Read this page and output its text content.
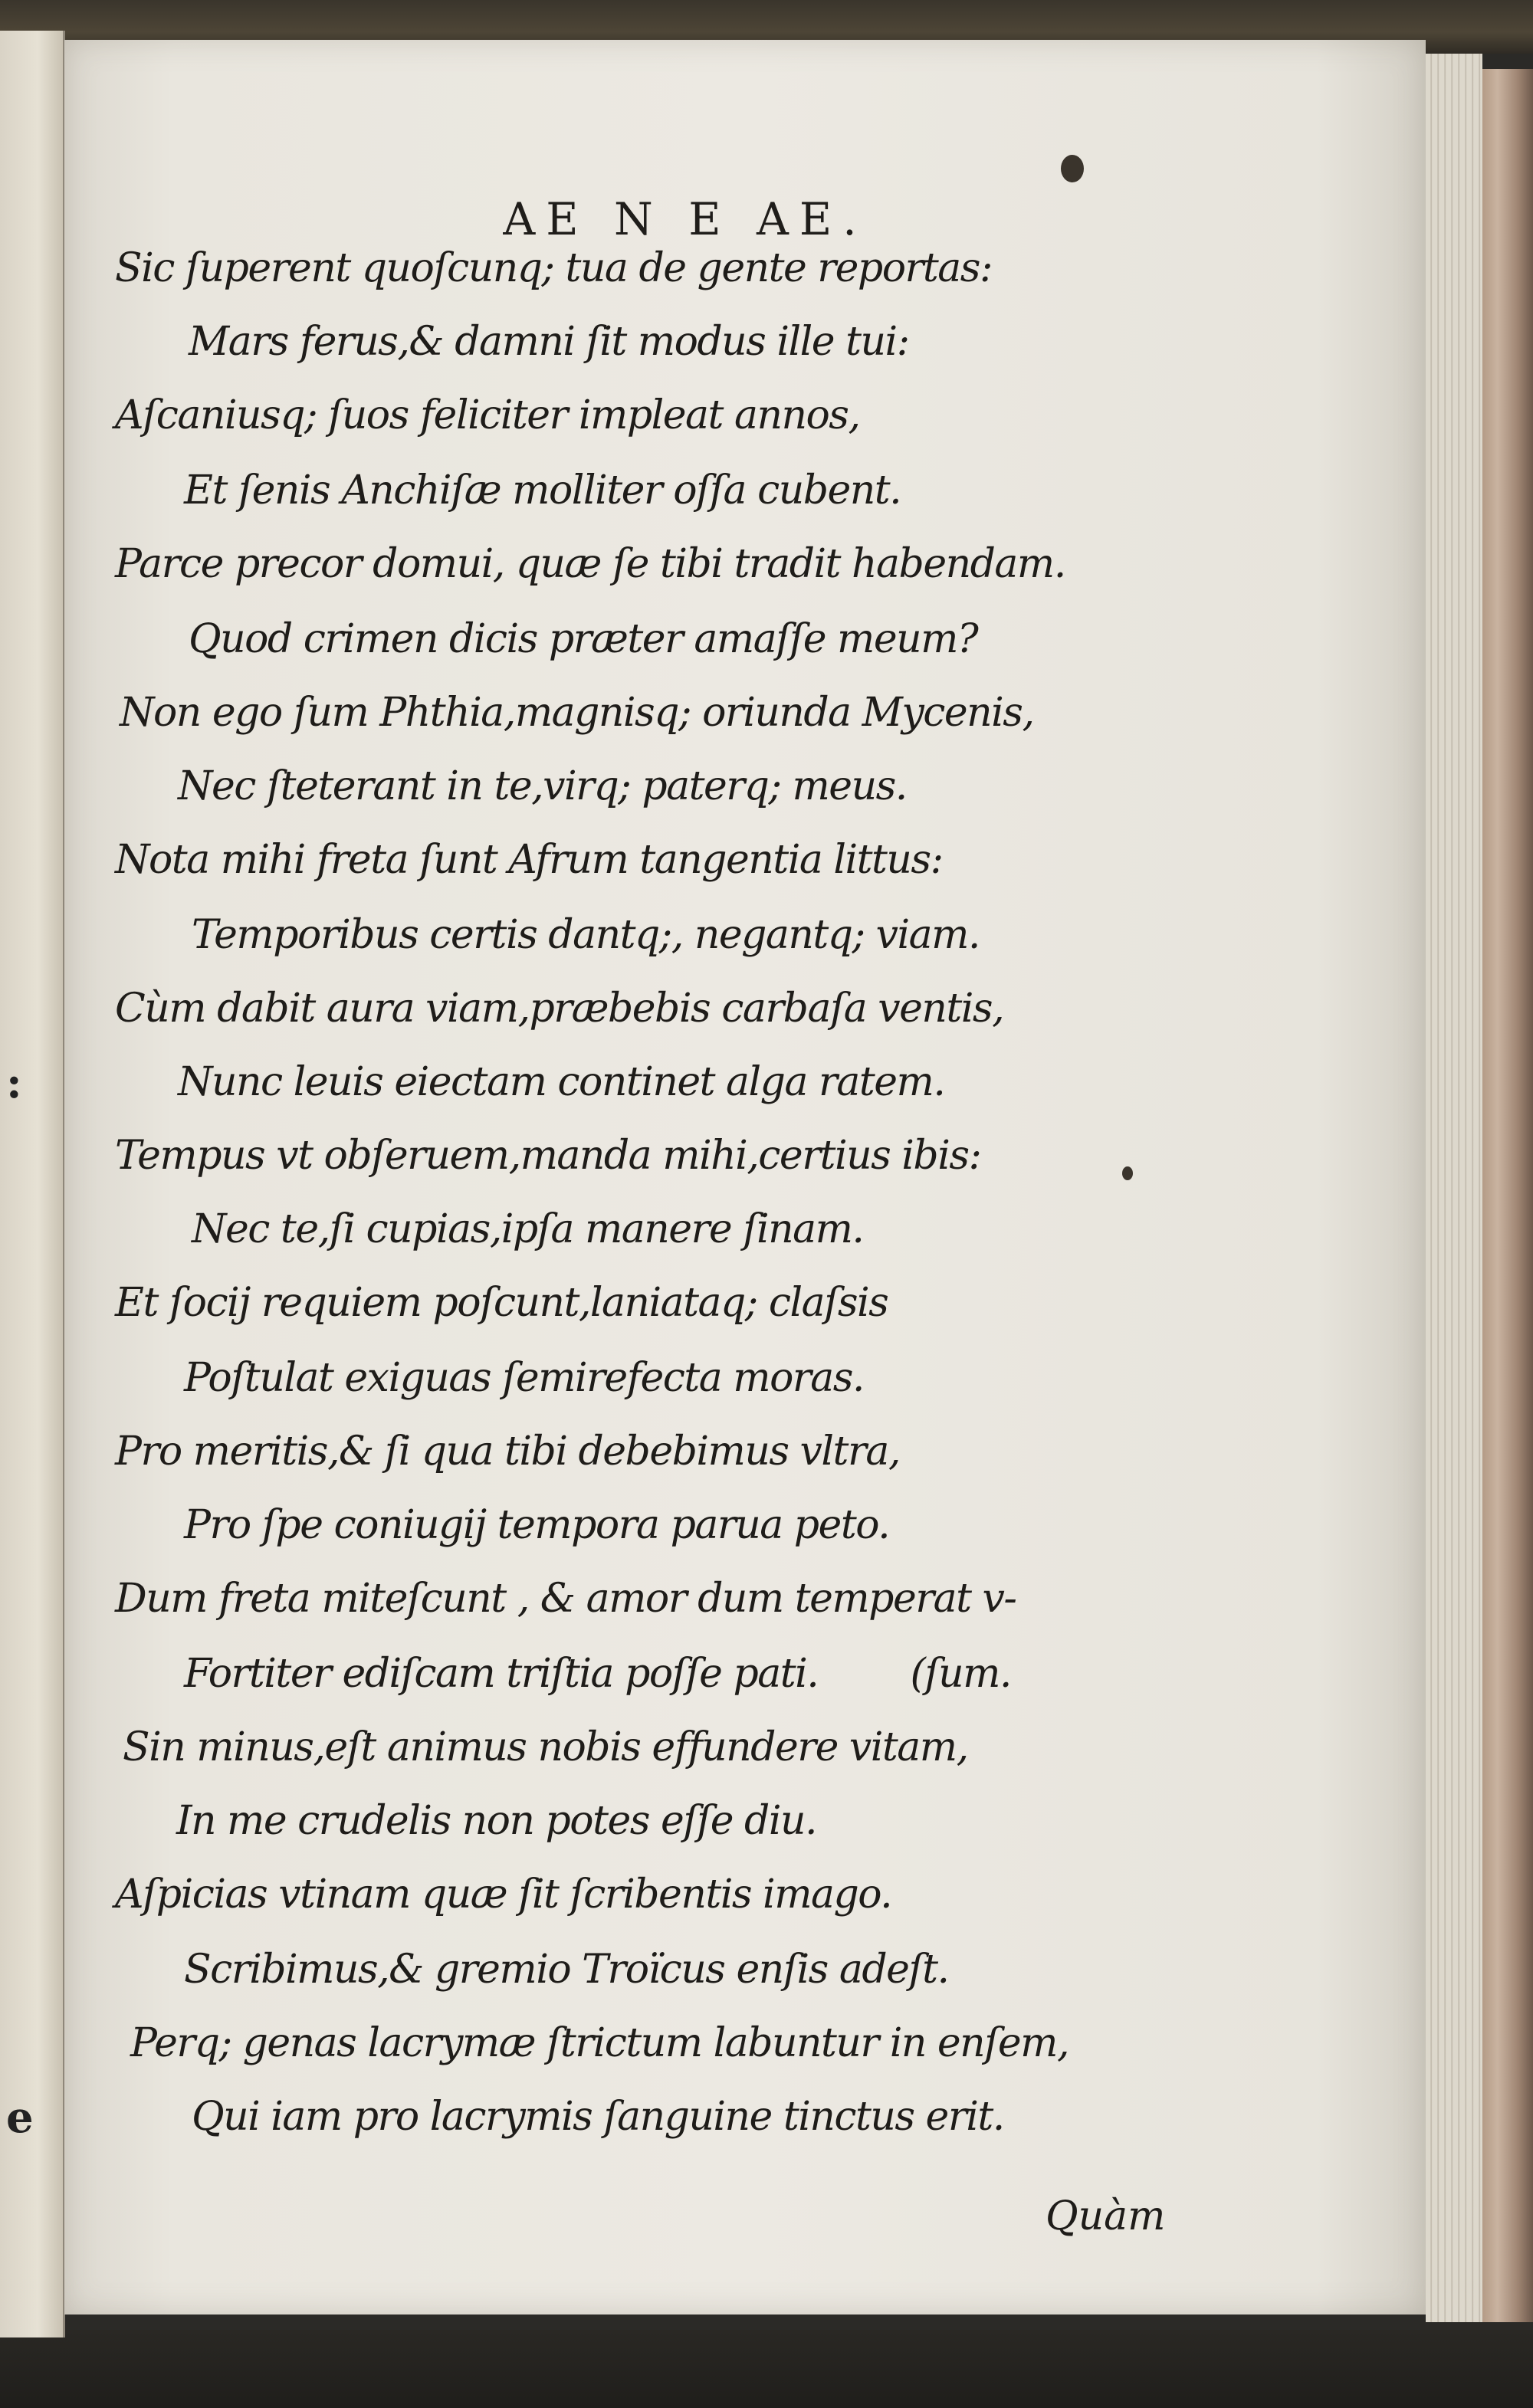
:
e
AE N E AE.
Sic ſuperent quoſcunq; tua de gente reportas:
Mars ferus,& damni ſit modus ille tui:
Aſcaniusq; ſuos feliciter impleat annos,
Et ſenis Anchiſæ molliter oſſa cubent.
Parce precor domui, quæ ſe tibi tradit habendam.
Quod crimen dicis præter amaſſe meum?
Non ego ſum Phthia,magnisq; oriunda Mycenis,
Nec ſteterant in te,virq; paterq; meus.
Nota mihi freta ſunt Afrum tangentia littus:
Temporibus certis dantq;, negantq; viam.
Cùm dabit aura viam,præbebis carbaſa ventis,
Nunc leuis eiectam continet alga ratem.
Tempus vt obſeruem,manda mihi,certius ibis:
Nec te,ſi cupias,ipſa manere ſinam.
Et ſocij requiem poſcunt,laniataq; claſsis
Poſtulat exiguas ſemirefecta moras.
Pro meritis,& ſi qua tibi debebimus vltra,
Pro ſpe coniugij tempora parua peto.
Dum freta miteſcunt , & amor dum temperat v-
Fortiter ediſcam triſtia poſſe pati.        (ſum.
Sin minus,eſt animus nobis effundere vitam,
In me crudelis non potes eſſe diu.
Aſpicias vtinam quæ ſit ſcribentis imago.
Scribimus,& gremio Troïcus enſis adeſt.
Perq; genas lacrymæ ſtrictum labuntur in enſem,
Qui iam pro lacrymis ſanguine tinctus erit.
Quàm
